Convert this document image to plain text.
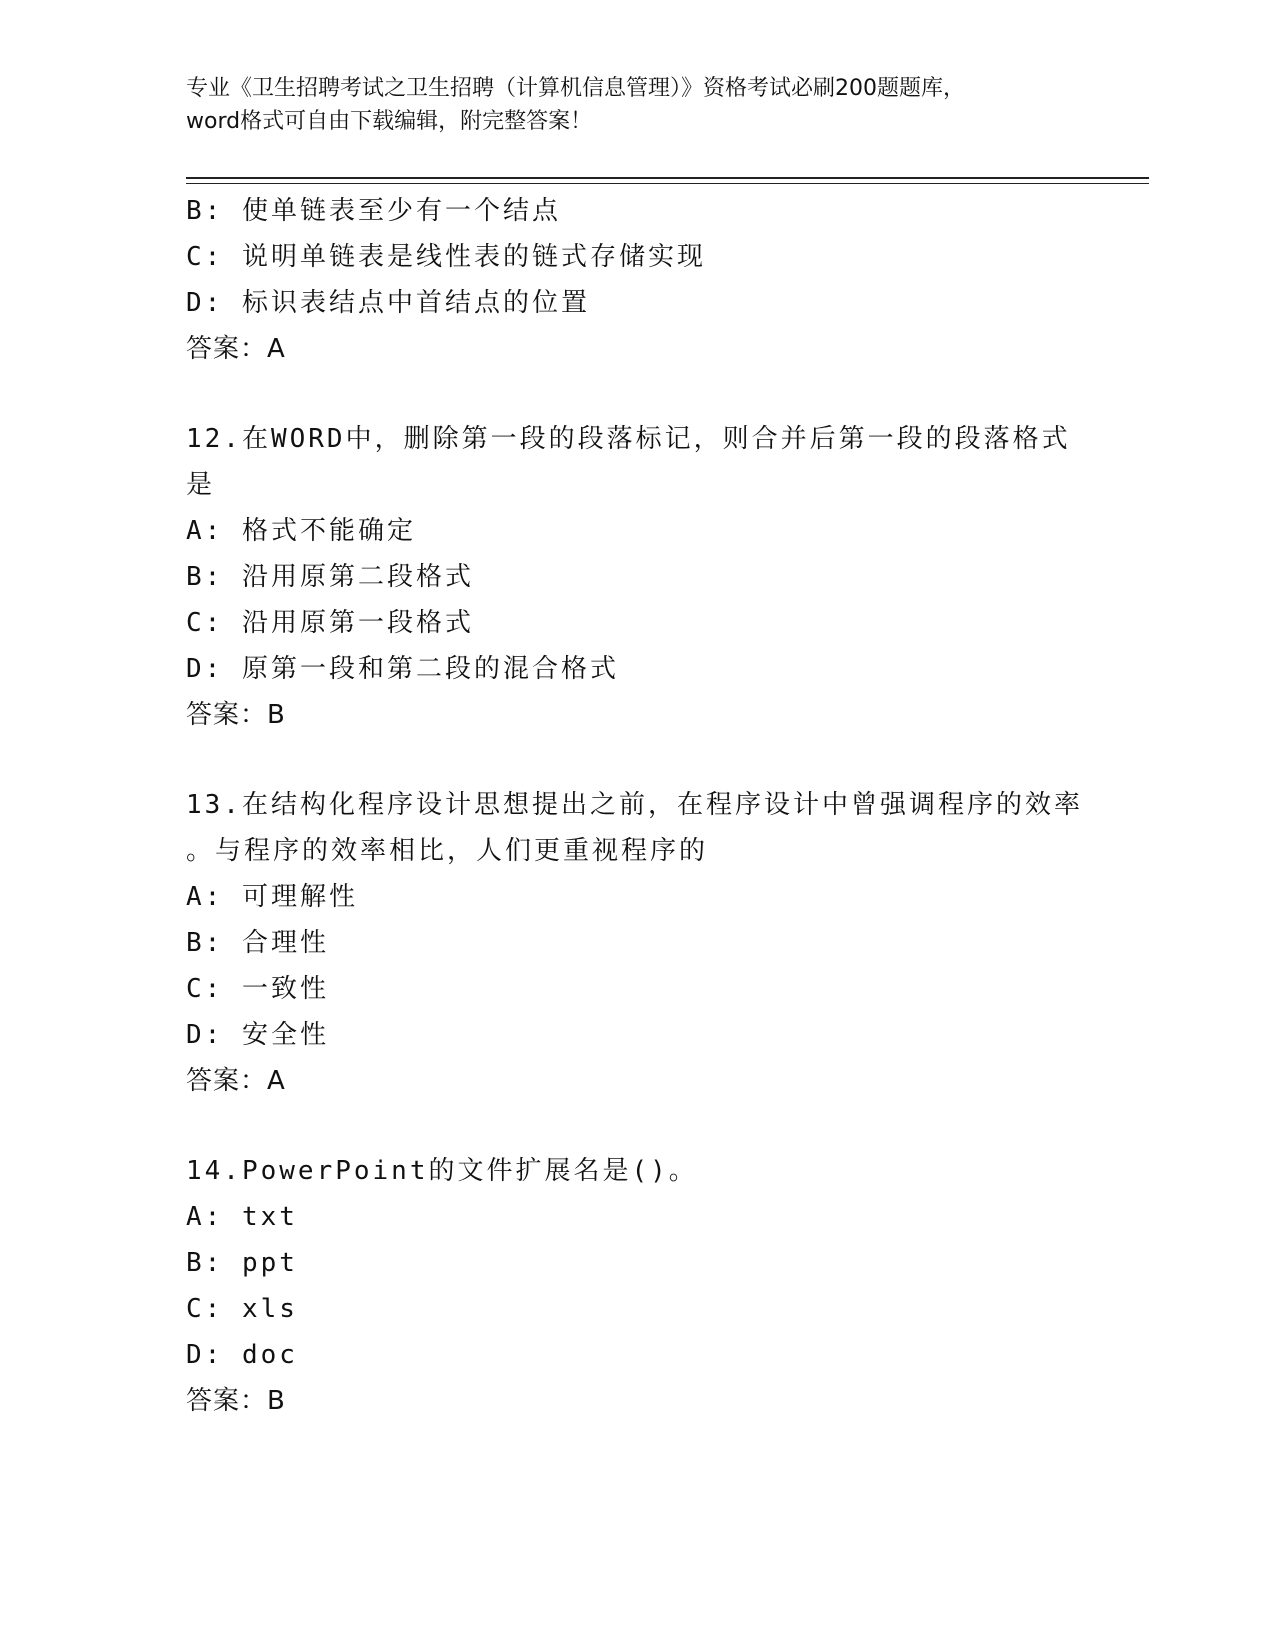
专业《卫生招聘考试之卫生招聘（计算机信息管理）》资格考试必刷200题题库，
word格式可自由下载编辑，附完整答案！
B: 使单链表至少有一个结点
C: 说明单链表是线性表的链式存储实现
D: 标识表结点中首结点的位置
答案：A
12.在WORD中，删除第一段的段落标记，则合并后第一段的段落格式
是
A: 格式不能确定
B: 沿用原第二段格式
C: 沿用原第一段格式
D: 原第一段和第二段的混合格式
答案：B
13.在结构化程序设计思想提出之前，在程序设计中曾强调程序的效率
。与程序的效率相比，人们更重视程序的
A: 可理解性
B: 合理性
C: 一致性
D: 安全性
答案：A
14.PowerPoint的文件扩展名是()。
A: txt
B: ppt
C: xls
D: doc
答案：B
